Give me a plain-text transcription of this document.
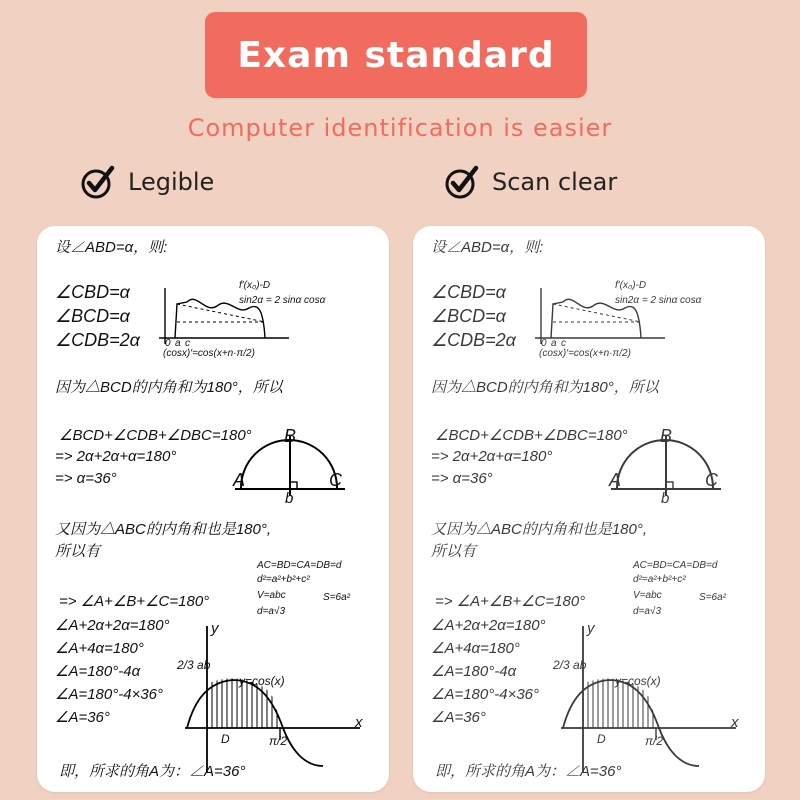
Exam standard
Computer identification is easier
Legible	Scan clear
设∠ABD=α，则:
∠CBD=α
∠BCD=α
∠CDB=2α
f′(x₀)-D
sin2α = 2 sinα cosα
0 a c
(cosx)′=cos(x+n·π/2)
因为△BCD的内角和为180°，所以
∠BCD+∠CDB+∠DBC=180°
=> 2α+2α+α=180°
=> α=36°
B
A	C
b
又因为△ABC的内角和也是180°,
所以有
AC=BD=CA=DB=d
d²=a²+b²+c²
V=abc	S=6a²
d=a√3
=> ∠A+∠B+∠C=180°
∠A+2α+2α=180°
∠A+4α=180°
∠A=180°-4α	2/3 ab
∠A=180°-4×36°
∠A=36°
y
x
y=cos(x)
D	π/2
即，所求的角A为：∠A=36°
设∠ABD=α，则:
∠CBD=α
∠BCD=α
∠CDB=2α
f′(x₀)-D
sin2α = 2 sinα cosα
0 a c
(cosx)′=cos(x+n·π/2)
因为△BCD的内角和为180°，所以
∠BCD+∠CDB+∠DBC=180°
=> 2α+2α+α=180°
=> α=36°
B
A	C
b
又因为△ABC的内角和也是180°,
所以有
AC=BD=CA=DB=d
d²=a²+b²+c²
V=abc	S=6a²
d=a√3
=> ∠A+∠B+∠C=180°
∠A+2α+2α=180°
∠A+4α=180°
∠A=180°-4α	2/3 ab
∠A=180°-4×36°
∠A=36°
y
x
y=cos(x)
D	π/2
即，所求的角A为：∠A=36°
